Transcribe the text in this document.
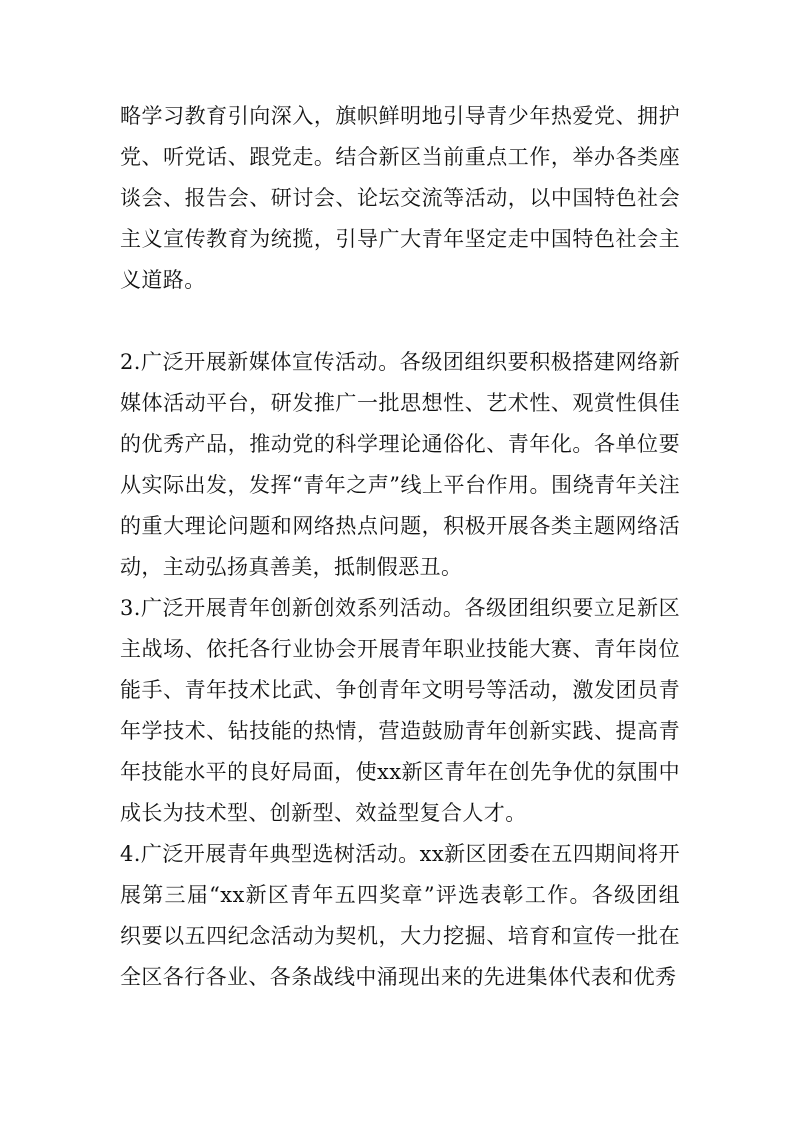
略学习教育引向深入，旗帜鲜明地引导青少年热爱党、拥护党、听党话、跟党走。结合新区当前重点工作，举办各类座谈会、报告会、研讨会、论坛交流等活动，以中国特色社会主义宣传教育为统揽，引导广大青年坚定走中国特色社会主义道路。

2.广泛开展新媒体宣传活动。各级团组织要积极搭建网络新媒体活动平台，研发推广一批思想性、艺术性、观赏性俱佳的优秀产品，推动党的科学理论通俗化、青年化。各单位要从实际出发，发挥“青年之声”线上平台作用。围绕青年关注的重大理论问题和网络热点问题，积极开展各类主题网络活动，主动弘扬真善美，抵制假恶丑。

3.广泛开展青年创新创效系列活动。各级团组织要立足新区主战场、依托各行业协会开展青年职业技能大赛、青年岗位能手、青年技术比武、争创青年文明号等活动，激发团员青年学技术、钻技能的热情，营造鼓励青年创新实践、提高青年技能水平的良好局面，使xx新区青年在创先争优的氛围中成长为技术型、创新型、效益型复合人才。

4.广泛开展青年典型选树活动。xx新区团委在五四期间将开展第三届“xx新区青年五四奖章”评选表彰工作。各级团组织要以五四纪念活动为契机，大力挖掘、培育和宣传一批在全区各行各业、各条战线中涌现出来的先进集体代表和优秀
